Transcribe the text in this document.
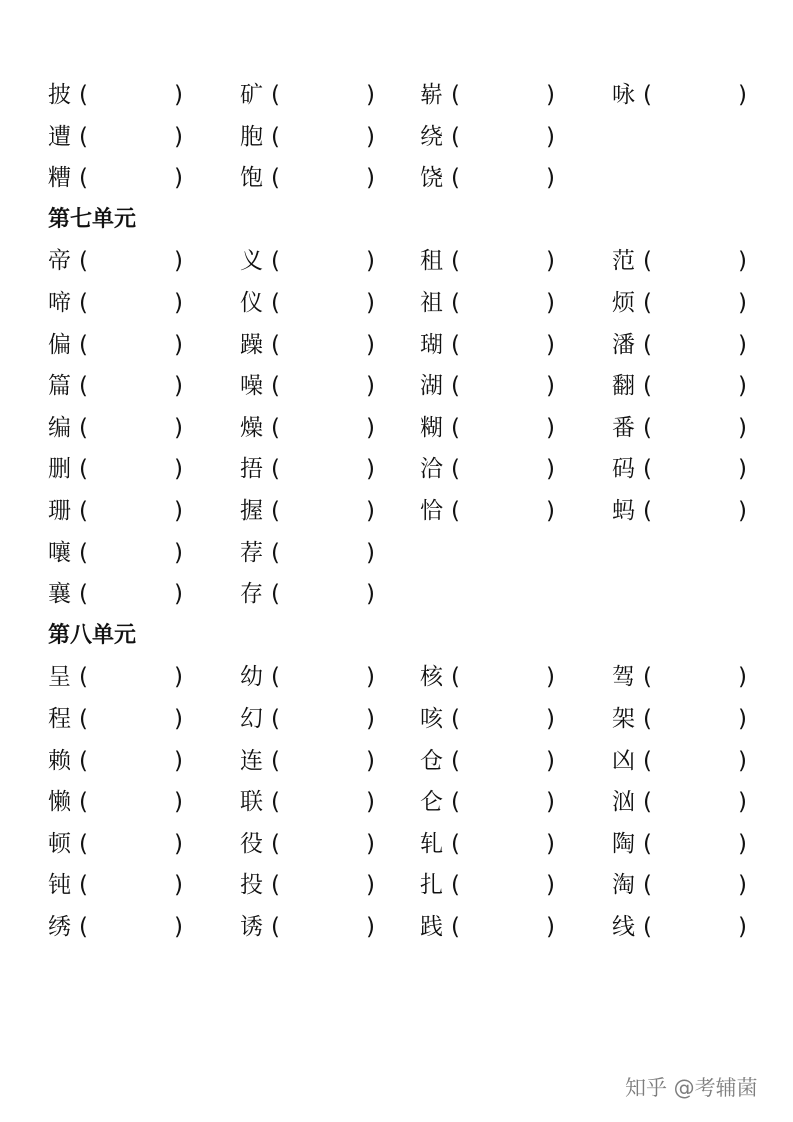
披 (	) 矿 (	) 崭 (	) 咏 (	)
遭 (	) 胞 (	) 绕 (	)
糟 (	) 饱 (	) 饶 (	)
第七单元
帝 (	) 义 (	) 租 (	) 范 (	)
啼 (	) 仪 (	) 祖 (	) 烦 (	)
偏 (	) 躁 (	) 瑚 (	) 潘 (	)
篇 (	) 噪 (	) 湖 (	) 翻 (	)
编 (	) 燥 (	) 糊 (	) 番 (	)
删 (	) 捂 (	) 洽 (	) 码 (	)
珊 (	) 握 (	) 恰 (	) 蚂 (	)
嚷 (	) 荐 (	)
襄 (	) 存 (	)
第八单元
呈 (	) 幼 (	) 核 (	) 驾 (	)
程 (	) 幻 (	) 咳 (	) 架 (	)
赖 (	) 连 (	) 仓 (	) 凶 (	)
懒 (	) 联 (	) 仑 (	) 汹 (	)
顿 (	) 役 (	) 轧 (	) 陶 (	)
钝 (	) 投 (	) 扎 (	) 淘 (	)
绣 (	) 诱 (	) 践 (	) 线 (	)
知乎 @考辅菌
